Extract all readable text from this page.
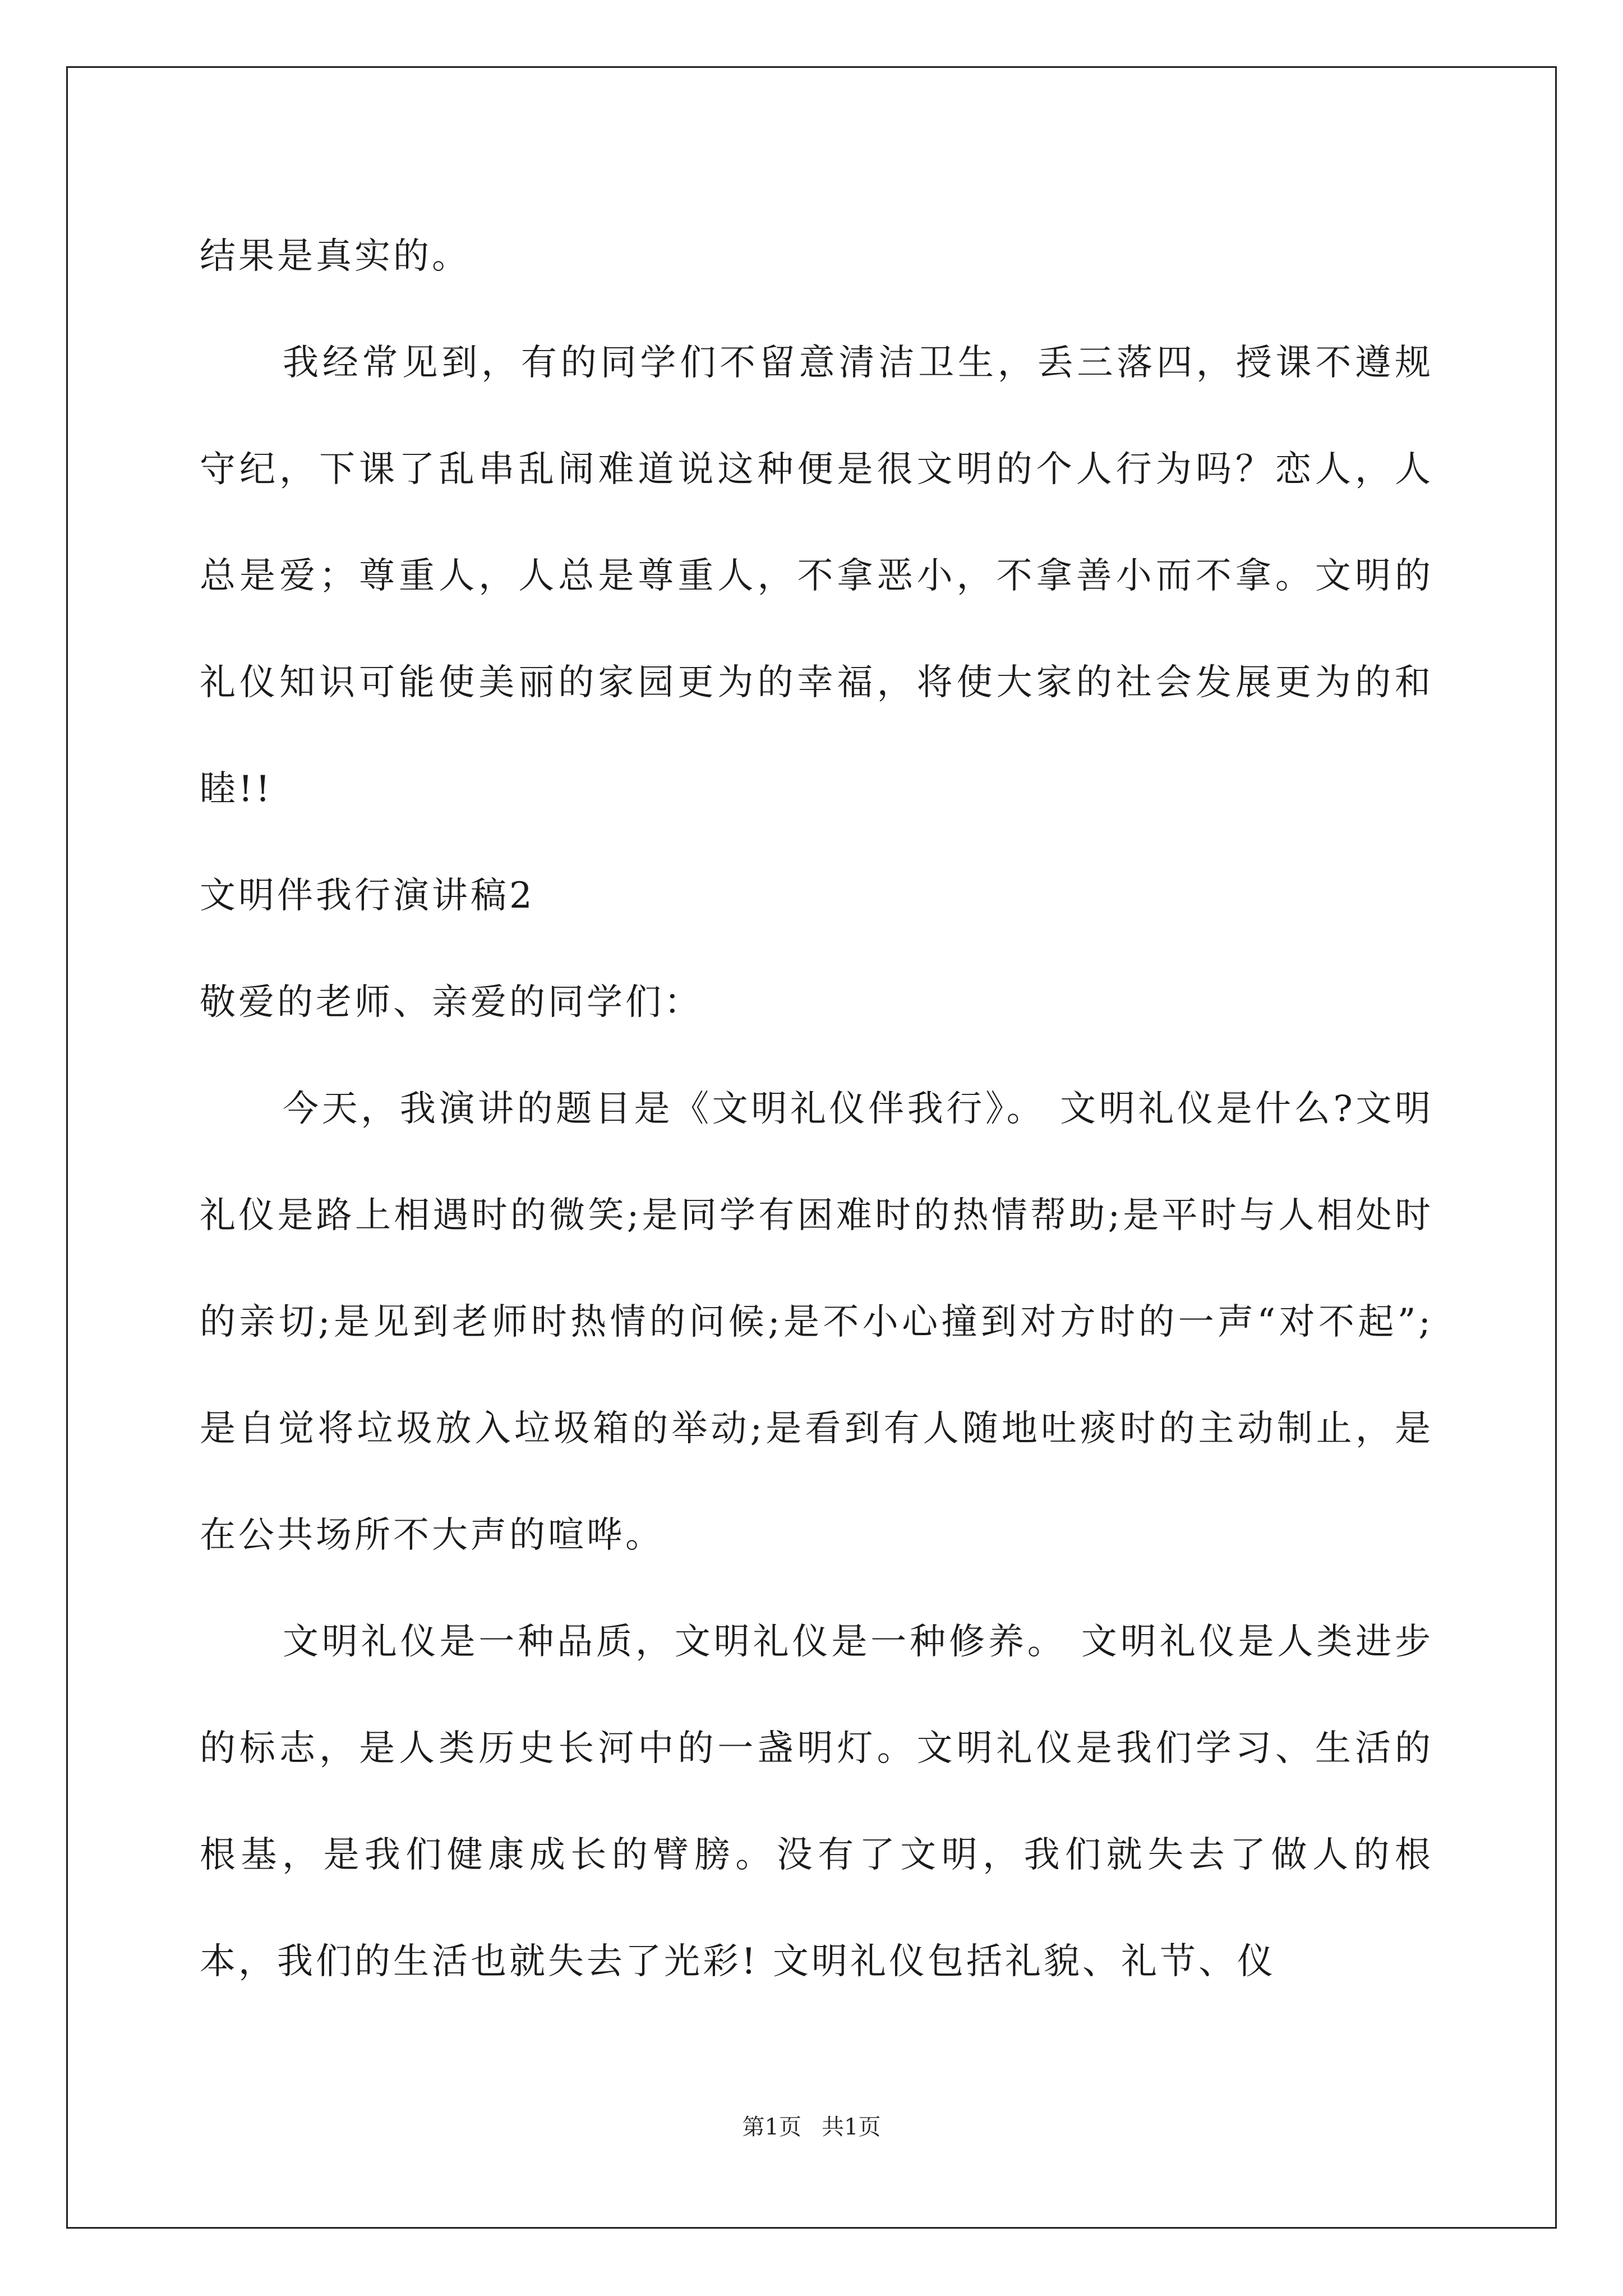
结果是真实的。

我经常见到，有的同学们不留意清洁卫生，丢三落四，授课不遵规守纪，下课了乱串乱闹难道说这种便是很文明的个人行为吗？恋人，人总是爱；尊重人，人总是尊重人，不拿恶小，不拿善小而不拿。文明的礼仪知识可能使美丽的家园更为的幸福，将使大家的社会发展更为的和睦!!

文明伴我行演讲稿2

敬爱的老师、亲爱的同学们：

今天，我演讲的题目是《文明礼仪伴我行》。 文明礼仪是什么?文明礼仪是路上相遇时的微笑;是同学有困难时的热情帮助;是平时与人相处时的亲切;是见到老师时热情的问候;是不小心撞到对方时的一声“对不起”;是自觉将垃圾放入垃圾箱的举动;是看到有人随地吐痰时的主动制止，是在公共场所不大声的喧哗。

文明礼仪是一种品质，文明礼仪是一种修养。 文明礼仪是人类进步的标志，是人类历史长河中的一盏明灯。文明礼仪是我们学习、生活的根基，是我们健康成长的臂膀。没有了文明，我们就失去了做人的根本，我们的生活也就失去了光彩! 文明礼仪包括礼貌、礼节、仪

第1页 共1页
